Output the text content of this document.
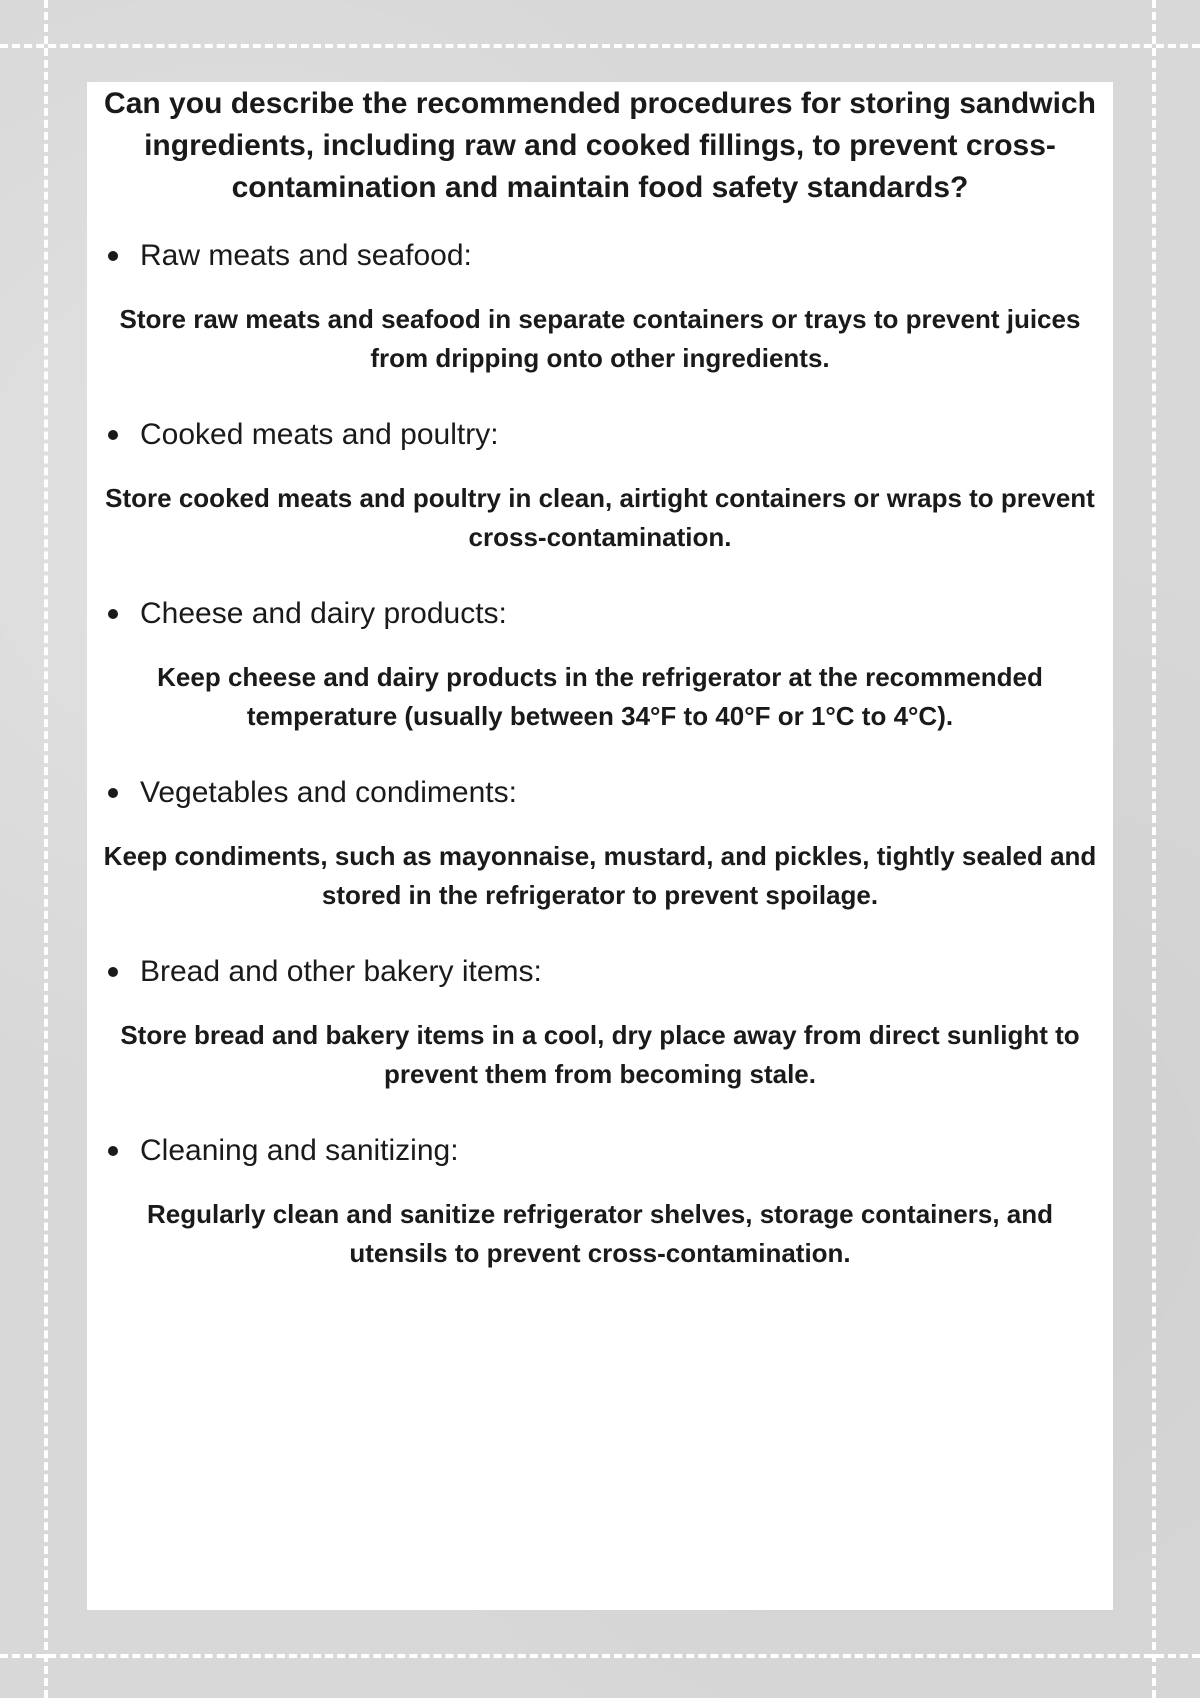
Can you describe the recommended procedures for storing sandwich ingredients, including raw and cooked fillings, to prevent cross-contamination and maintain food safety standards?
Raw meats and seafood:

Store raw meats and seafood in separate containers or trays to prevent juices from dripping onto other ingredients.

Cooked meats and poultry:

Store cooked meats and poultry in clean, airtight containers or wraps to prevent cross-contamination.

Cheese and dairy products:

Keep cheese and dairy products in the refrigerator at the recommended temperature (usually between 34°F to 40°F or 1°C to 4°C).

Vegetables and condiments:

Keep condiments, such as mayonnaise, mustard, and pickles, tightly sealed and stored in the refrigerator to prevent spoilage.

Bread and other bakery items:

Store bread and bakery items in a cool, dry place away from direct sunlight to prevent them from becoming stale.

Cleaning and sanitizing:

Regularly clean and sanitize refrigerator shelves, storage containers, and utensils to prevent cross-contamination.
